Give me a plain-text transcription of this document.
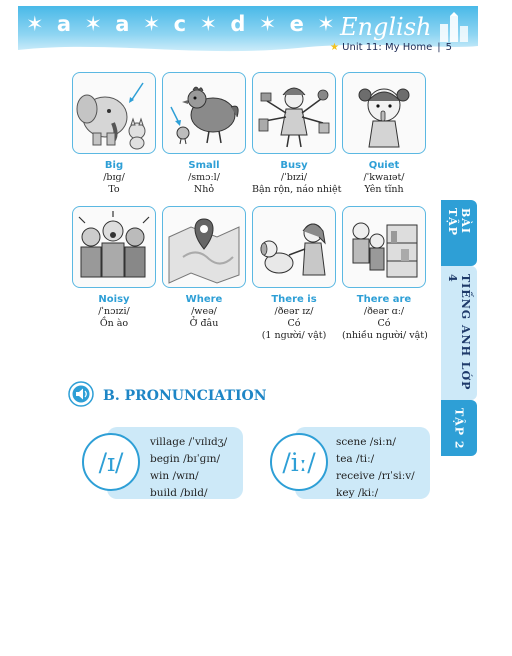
✶ a ✶ a ✶ c ✶ d ✶ e ✶ English
★ Unit 11: My Home | 5
Big
/bɪɡ/
To
Small
/smɔːl/
Nhỏ
Busy
/ˈbɪzi/
Bận rộn, náo nhiệt
Quiet
/ˈkwaɪət/
Yên tĩnh
Noisy
/ˈnɔɪzi/
Ồn ào
Where
/weə/
Ở đâu
There is
/ðeər ɪz/
Có
(1 người/ vật)
There are
/ðeər ɑː/
Có
(nhiều người/ vật)
BÀI TẬP
TIẾNG ANH LỚP 4
TẬP 2
B. PRONUNCIATION
/ɪ/
village /ˈvɪlɪdʒ/
begin /bɪˈɡɪn/
win /wɪn/
build /bɪld/
/iː/
scene /siːn/
tea /tiː/
receive /rɪˈsiːv/
key /kiː/
